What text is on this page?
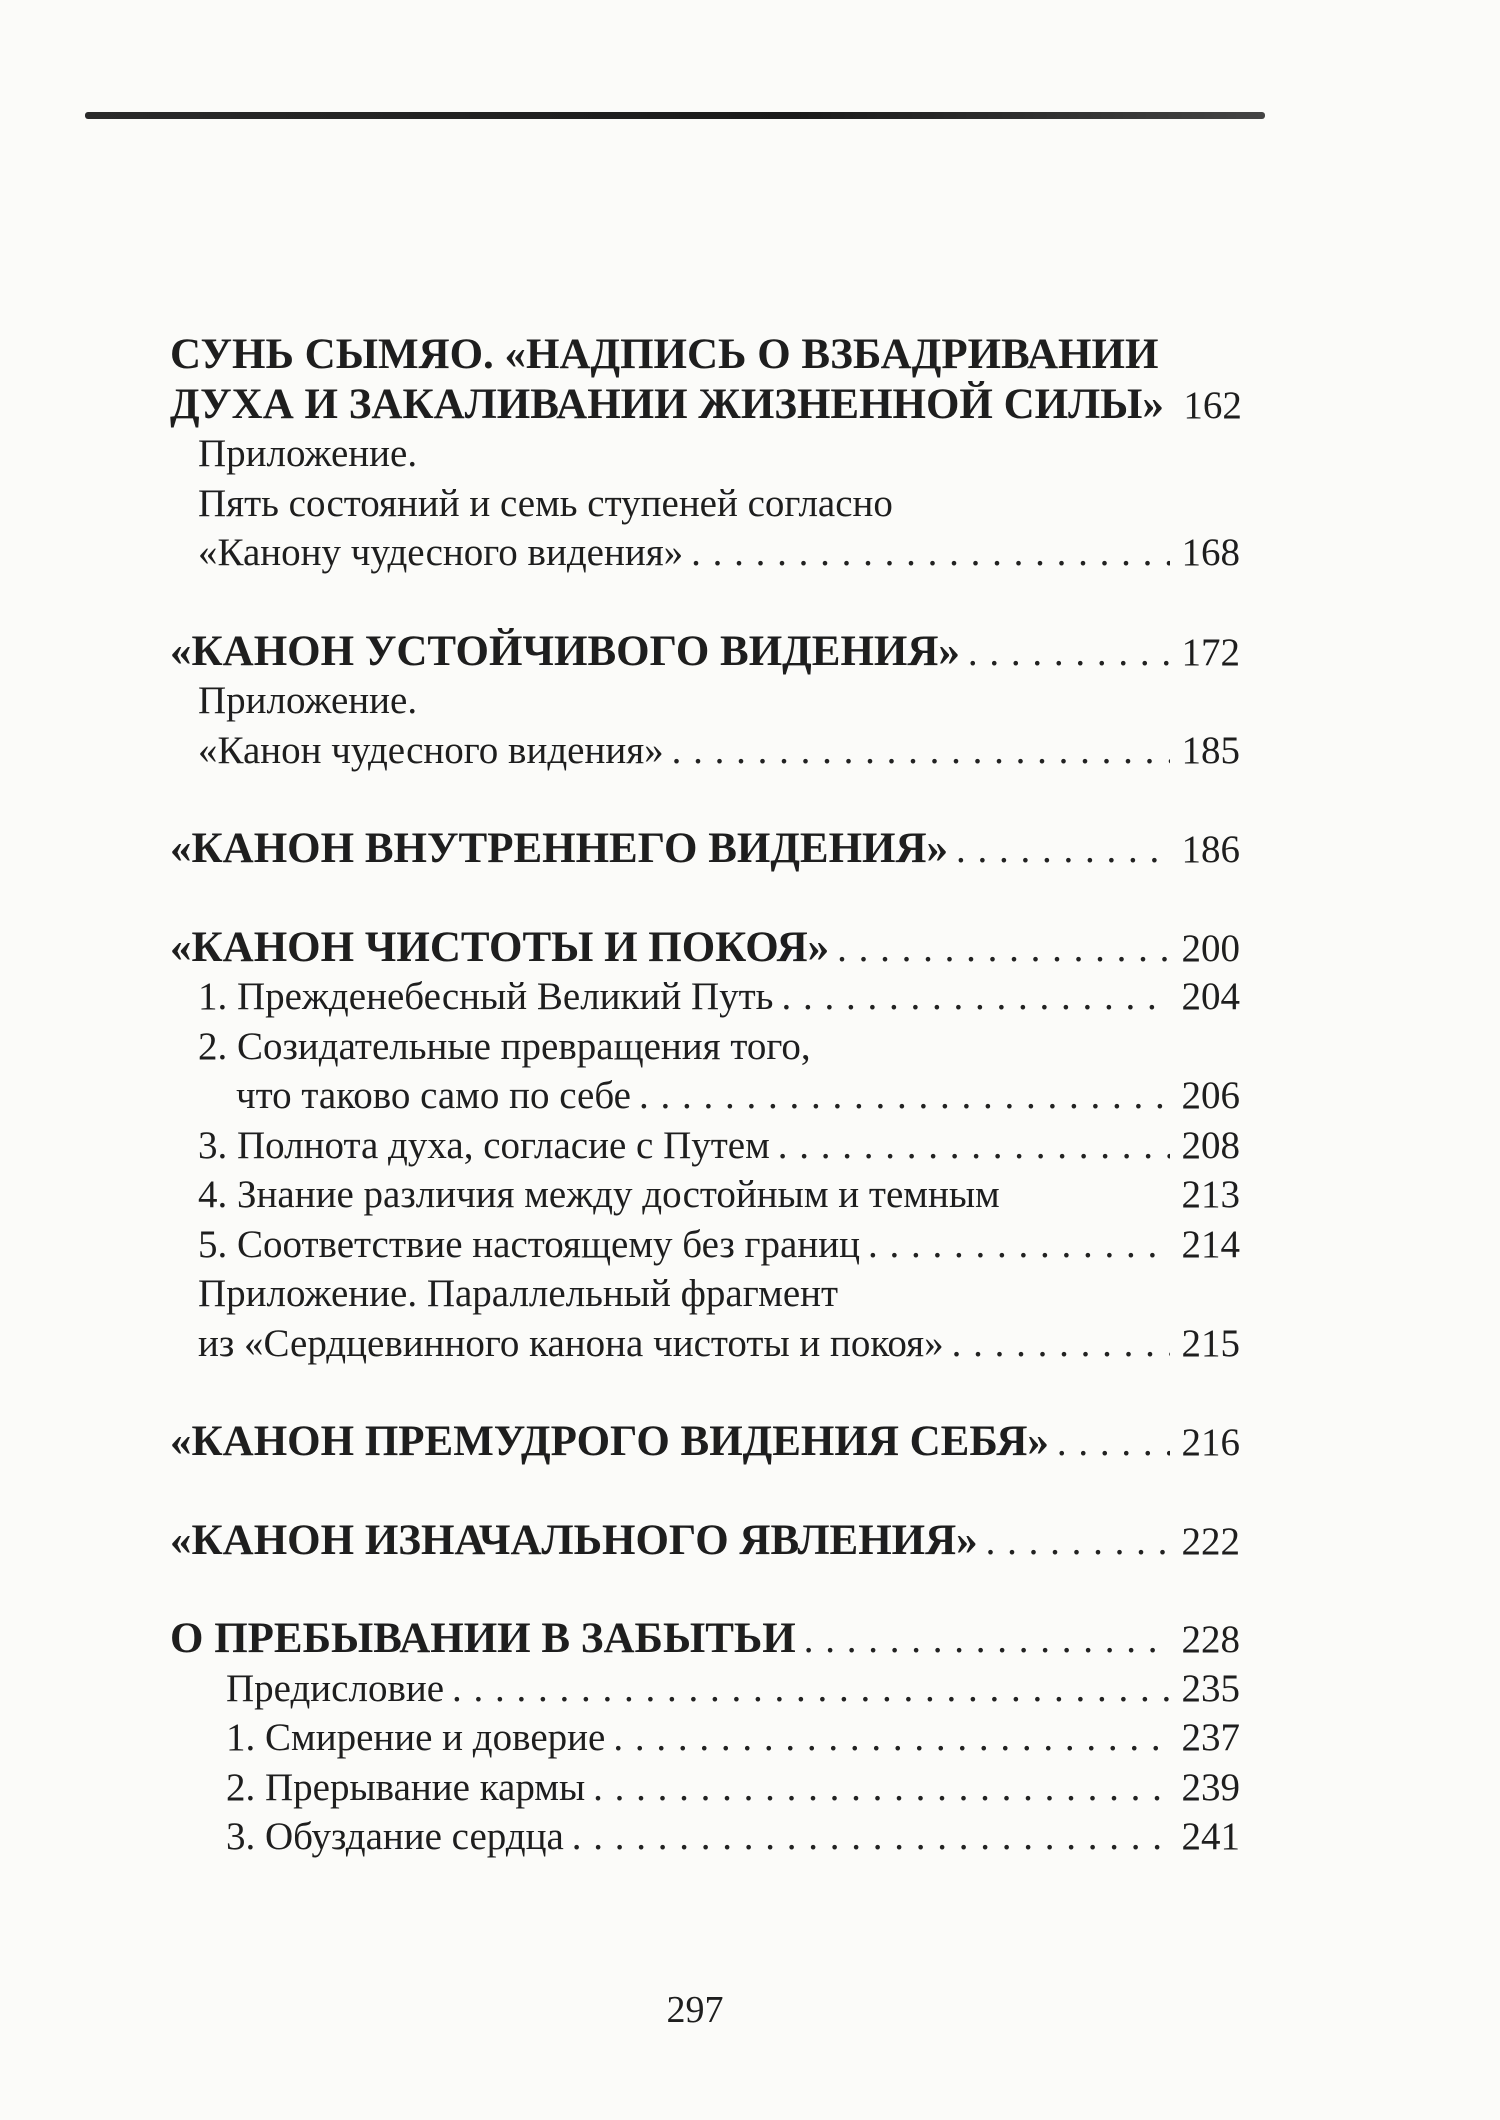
СУНЬ СЫМЯО. «НАДПИСЬ О ВЗБАДРИВАНИИ
ДУХА И ЗАКАЛИВАНИИ ЖИЗНЕННОЙ СИЛЫ» 162
Приложение.
Пять состояний и семь ступеней согласно
«Канону чудесного видения» . . .	168
«КАНОН УСТОЙЧИВОГО ВИДЕНИЯ» . . .	172
Приложение.
«Канон чудесного видения» . . .	185
«КАНОН ВНУТРЕННЕГО ВИДЕНИЯ» . . .	186
«КАНОН ЧИСТОТЫ И ПОКОЯ» . . .	200
1. Прежденебесный Великий Путь . . .	204
2. Созидательные превращения того,
что таково само по себе . . .	206
3. Полнота духа, согласие с Путем . . .	208
4. Знание различия между достойным и темным	213
5. Соответствие настоящему без границ . . .	214
Приложение. Параллельный фрагмент
из «Сердцевинного канона чистоты и покоя» . . .	215
«КАНОН ПРЕМУДРОГО ВИДЕНИЯ СЕБЯ» . . .	216
«КАНОН ИЗНАЧАЛЬНОГО ЯВЛЕНИЯ» . . .	222
О ПРЕБЫВАНИИ В ЗАБЫТЬИ . . .	228
Предисловие . . .	235
1. Смирение и доверие . . .	237
2. Прерывание кармы . . .	239
3. Обуздание сердца . . .	241
297
